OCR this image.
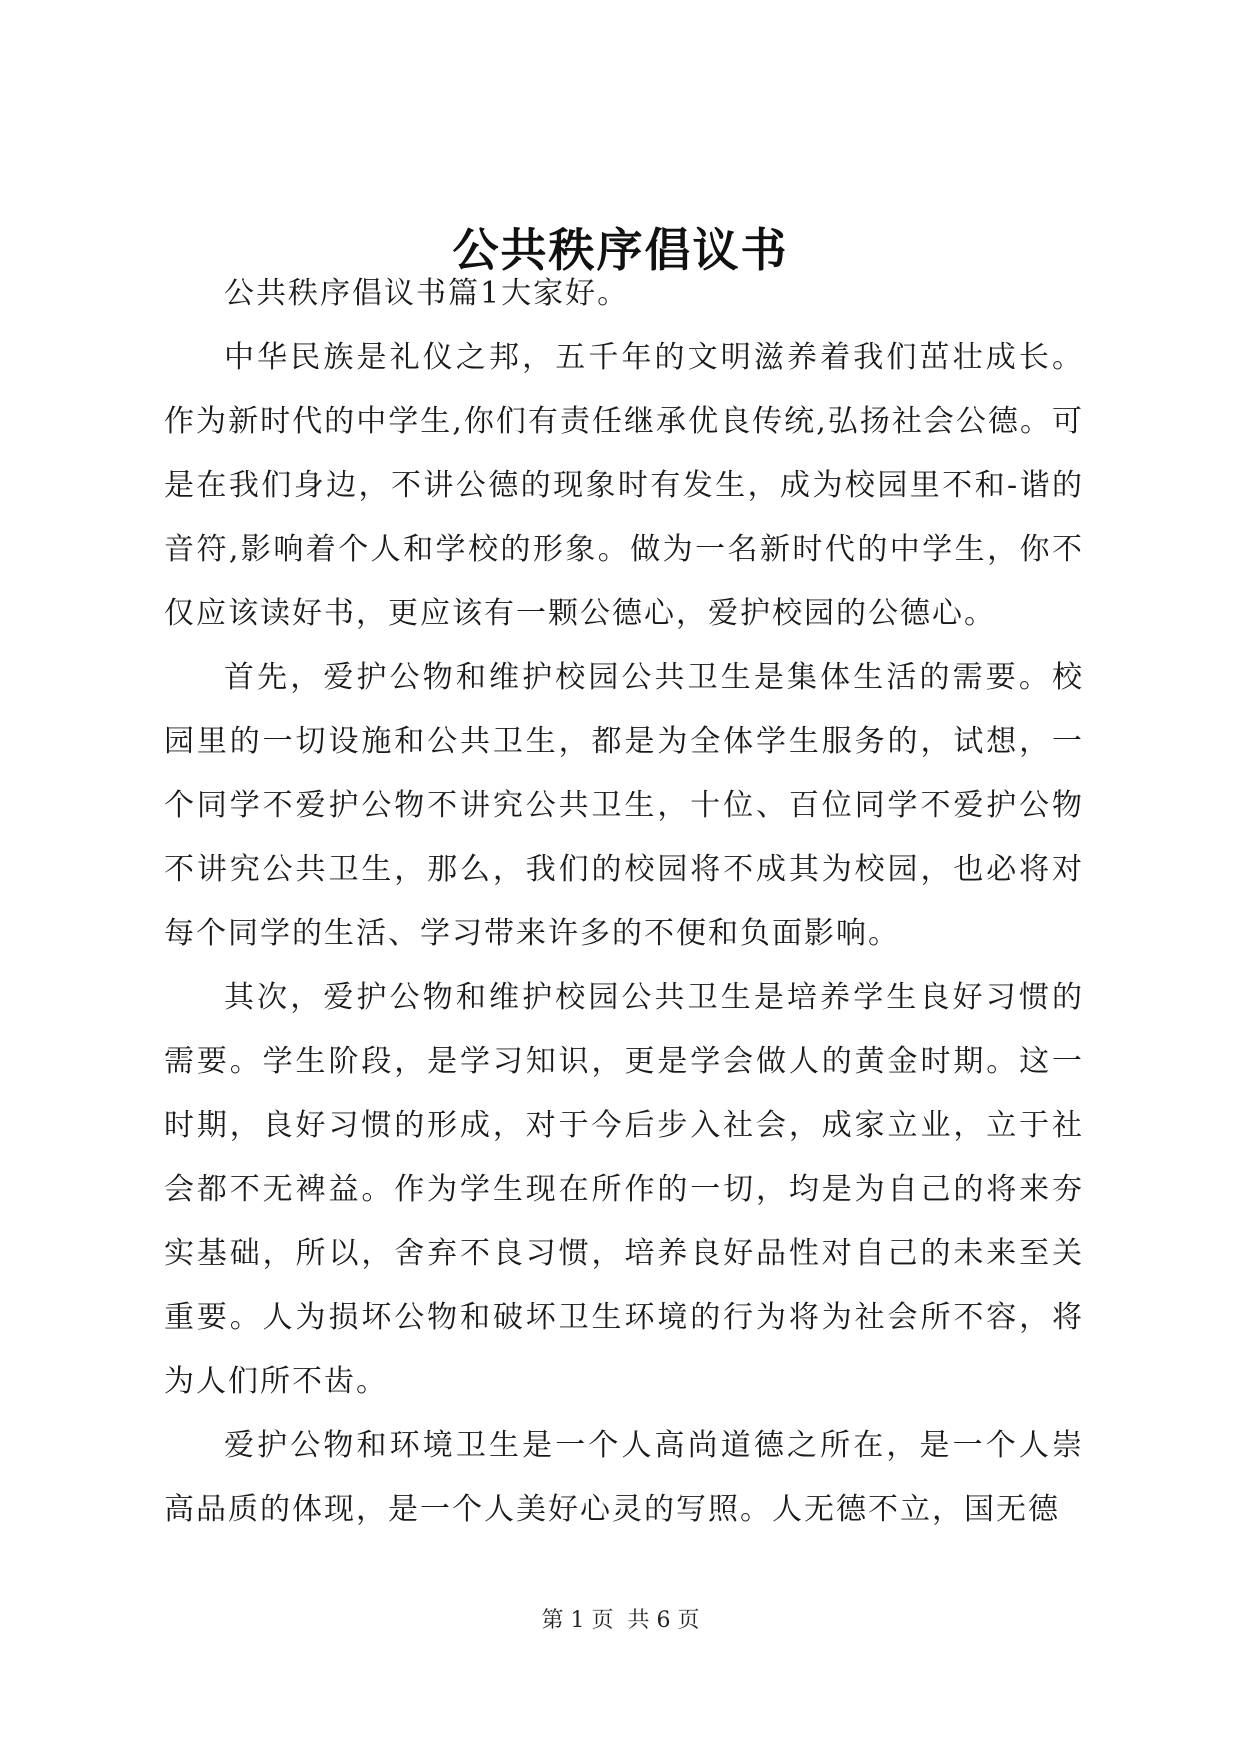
公共秩序倡议书

公共秩序倡议书篇1大家好。

中华民族是礼仪之邦，五千年的文明滋养着我们茁壮成长。作为新时代的中学生,你们有责任继承优良传统,弘扬社会公德。可是在我们身边，不讲公德的现象时有发生，成为校园里不和-谐的音符,影响着个人和学校的形象。做为一名新时代的中学生，你不仅应该读好书，更应该有一颗公德心，爱护校园的公德心。

首先，爱护公物和维护校园公共卫生是集体生活的需要。校园里的一切设施和公共卫生，都是为全体学生服务的，试想，一个同学不爱护公物不讲究公共卫生，十位、百位同学不爱护公物不讲究公共卫生，那么，我们的校园将不成其为校园，也必将对每个同学的生活、学习带来许多的不便和负面影响。

其次，爱护公物和维护校园公共卫生是培养学生良好习惯的需要。学生阶段，是学习知识，更是学会做人的黄金时期。这一时期，良好习惯的形成，对于今后步入社会，成家立业，立于社会都不无裨益。作为学生现在所作的一切，均是为自己的将来夯实基础，所以，舍弃不良习惯，培养良好品性对自己的未来至关重要。人为损坏公物和破坏卫生环境的行为将为社会所不容，将为人们所不齿。

爱护公物和环境卫生是一个人高尚道德之所在，是一个人崇高品质的体现，是一个人美好心灵的写照。人无德不立，国无德

第 1 页  共 6 页
